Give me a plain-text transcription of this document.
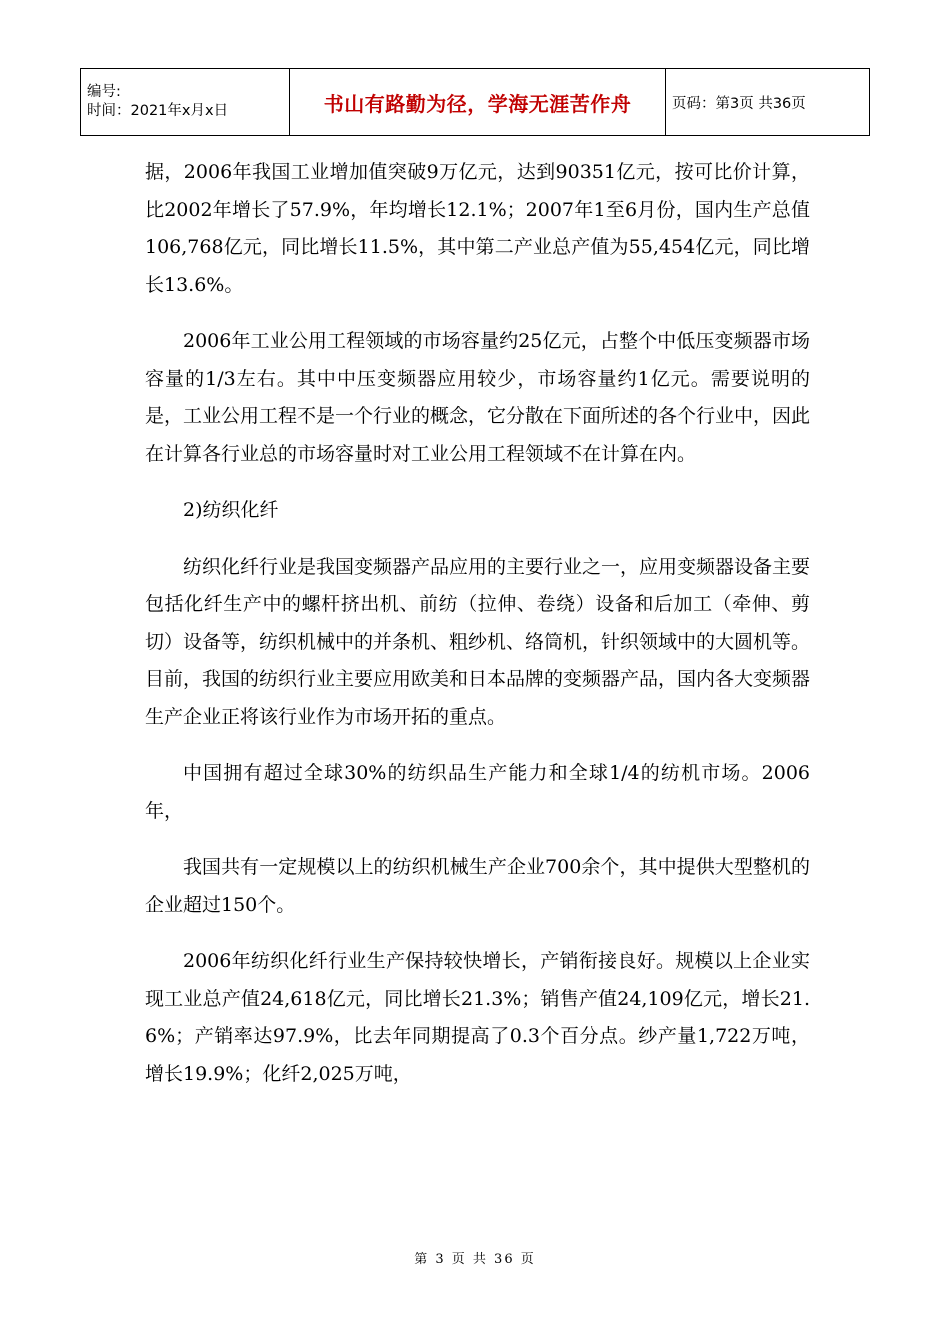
编号:
时间：2021年x月x日	书山有路勤为径，学海无涯苦作舟	页码：第3页 共36页

据，2006年我国工业增加值突破9万亿元，达到90351亿元，按可比价计算，比2002年增长了57.9%，年均增长12.1%；2007年1至6月份，国内生产总值106,768亿元，同比增长11.5%，其中第二产业总产值为55,454亿元，同比增长13.6%。

2006年工业公用工程领域的市场容量约25亿元，占整个中低压变频器市场容量的1/3左右。其中中压变频器应用较少，市场容量约1亿元。需要说明的是，工业公用工程不是一个行业的概念，它分散在下面所述的各个行业中，因此在计算各行业总的市场容量时对工业公用工程领域不在计算在内。

2)纺织化纤

纺织化纤行业是我国变频器产品应用的主要行业之一，应用变频器设备主要包括化纤生产中的螺杆挤出机、前纺（拉伸、卷绕）设备和后加工（牵伸、剪切）设备等，纺织机械中的并条机、粗纱机、络筒机，针织领域中的大圆机等。目前，我国的纺织行业主要应用欧美和日本品牌的变频器产品，国内各大变频器生产企业正将该行业作为市场开拓的重点。

中国拥有超过全球30%的纺织品生产能力和全球1/4的纺机市场。2006年，

我国共有一定规模以上的纺织机械生产企业700余个，其中提供大型整机的企业超过150个。

2006年纺织化纤行业生产保持较快增长，产销衔接良好。规模以上企业实现工业总产值24,618亿元，同比增长21.3%；销售产值24,109亿元，增长21.6%；产销率达97.9%，比去年同期提高了0.3个百分点。纱产量1,722万吨，增长19.9%；化纤2,025万吨，

第 3 页 共 36 页
